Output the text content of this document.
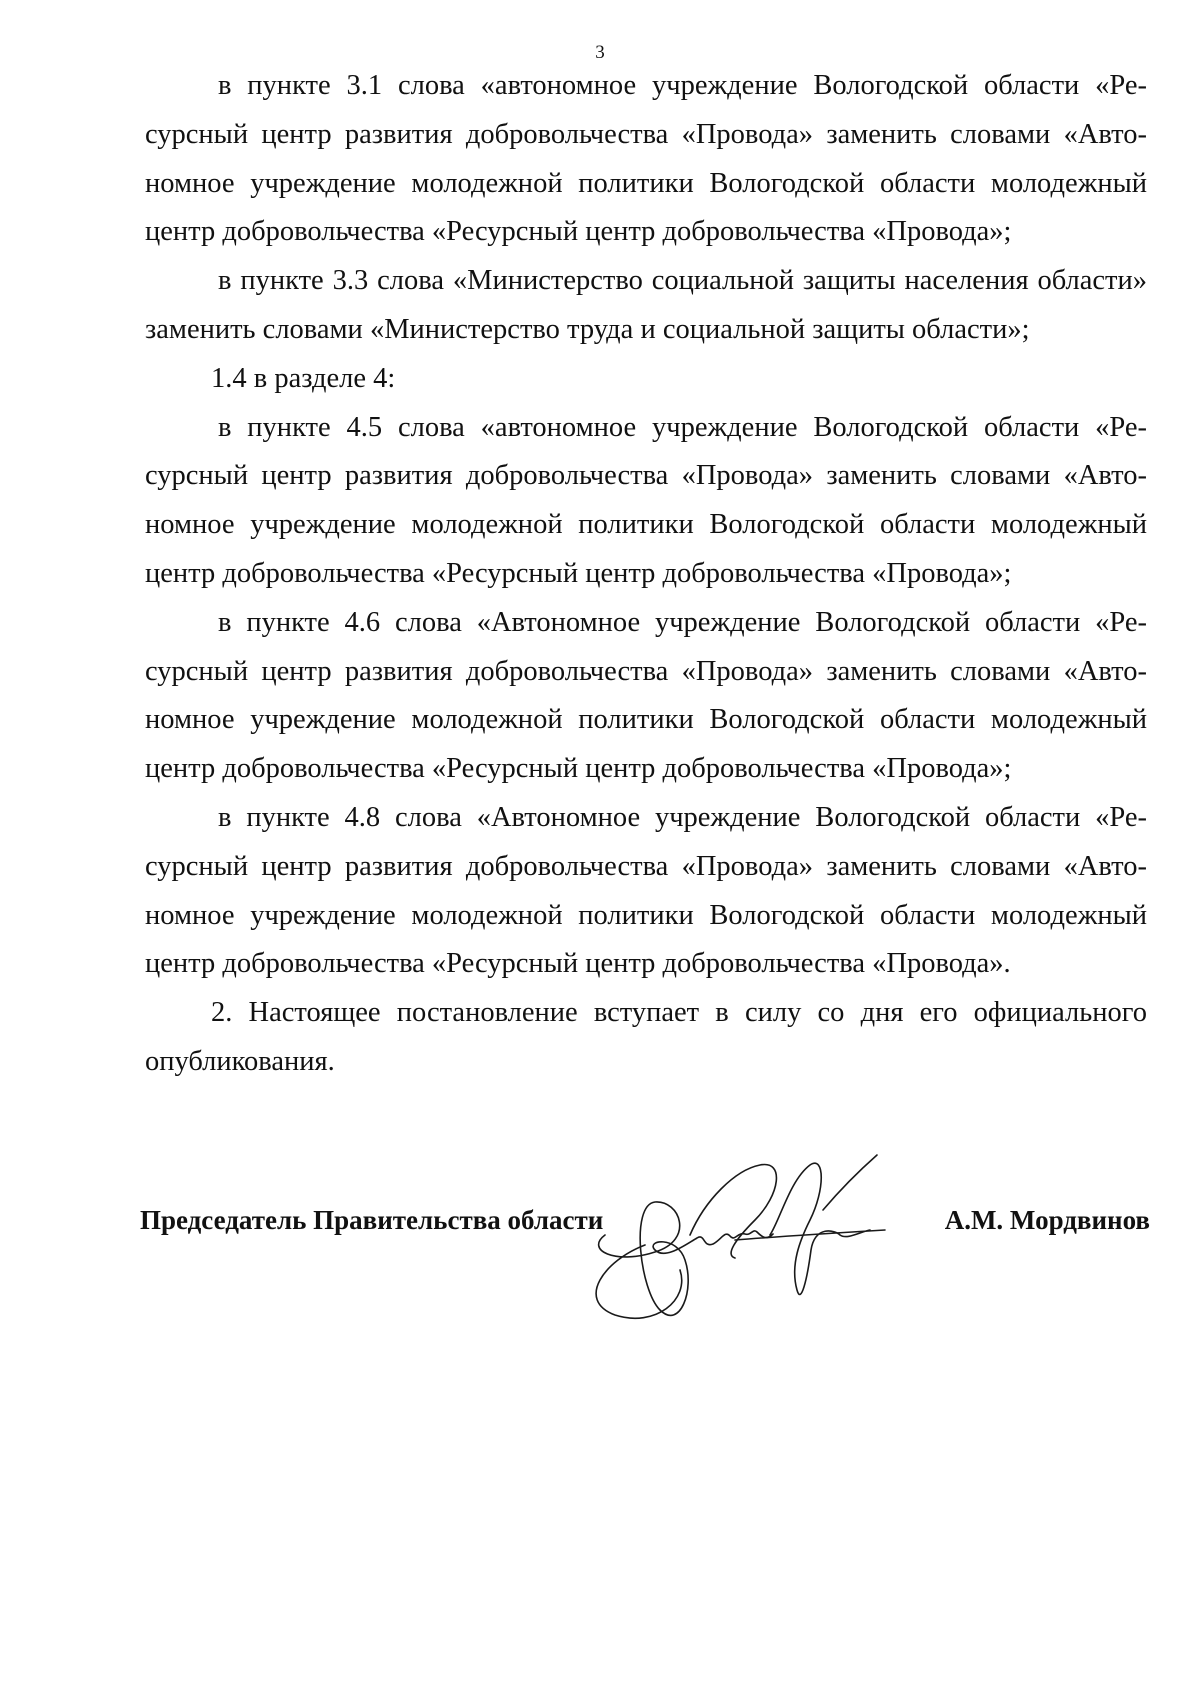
3

в пункте 3.1 слова «автономное учреждение Вологодской области «Ресурсный центр развития добровольчества «Провода» заменить словами «Автономное учреждение молодежной политики Вологодской области молодежный центр добровольчества «Ресурсный центр добровольчества «Провода»;

в пункте 3.3 слова «Министерство социальной защиты населения области» заменить словами «Министерство труда и социальной защиты области»;

1.4 в разделе 4:

в пункте 4.5 слова «автономное учреждение Вологодской области «Ресурсный центр развития добровольчества «Провода» заменить словами «Автономное учреждение молодежной политики Вологодской области молодежный центр добровольчества «Ресурсный центр добровольчества «Провода»;

в пункте 4.6 слова «Автономное учреждение Вологодской области «Ресурсный центр развития добровольчества «Провода» заменить словами «Автономное учреждение молодежной политики Вологодской области молодежный центр добровольчества «Ресурсный центр добровольчества «Провода»;

в пункте 4.8 слова «Автономное учреждение Вологодской области «Ресурсный центр развития добровольчества «Провода» заменить словами «Автономное учреждение молодежной политики Вологодской области молодежный центр добровольчества «Ресурсный центр добровольчества «Провода».

2. Настоящее постановление вступает в силу со дня его официального опубликования.

Председатель Правительства области	А.М. Мордвинов
